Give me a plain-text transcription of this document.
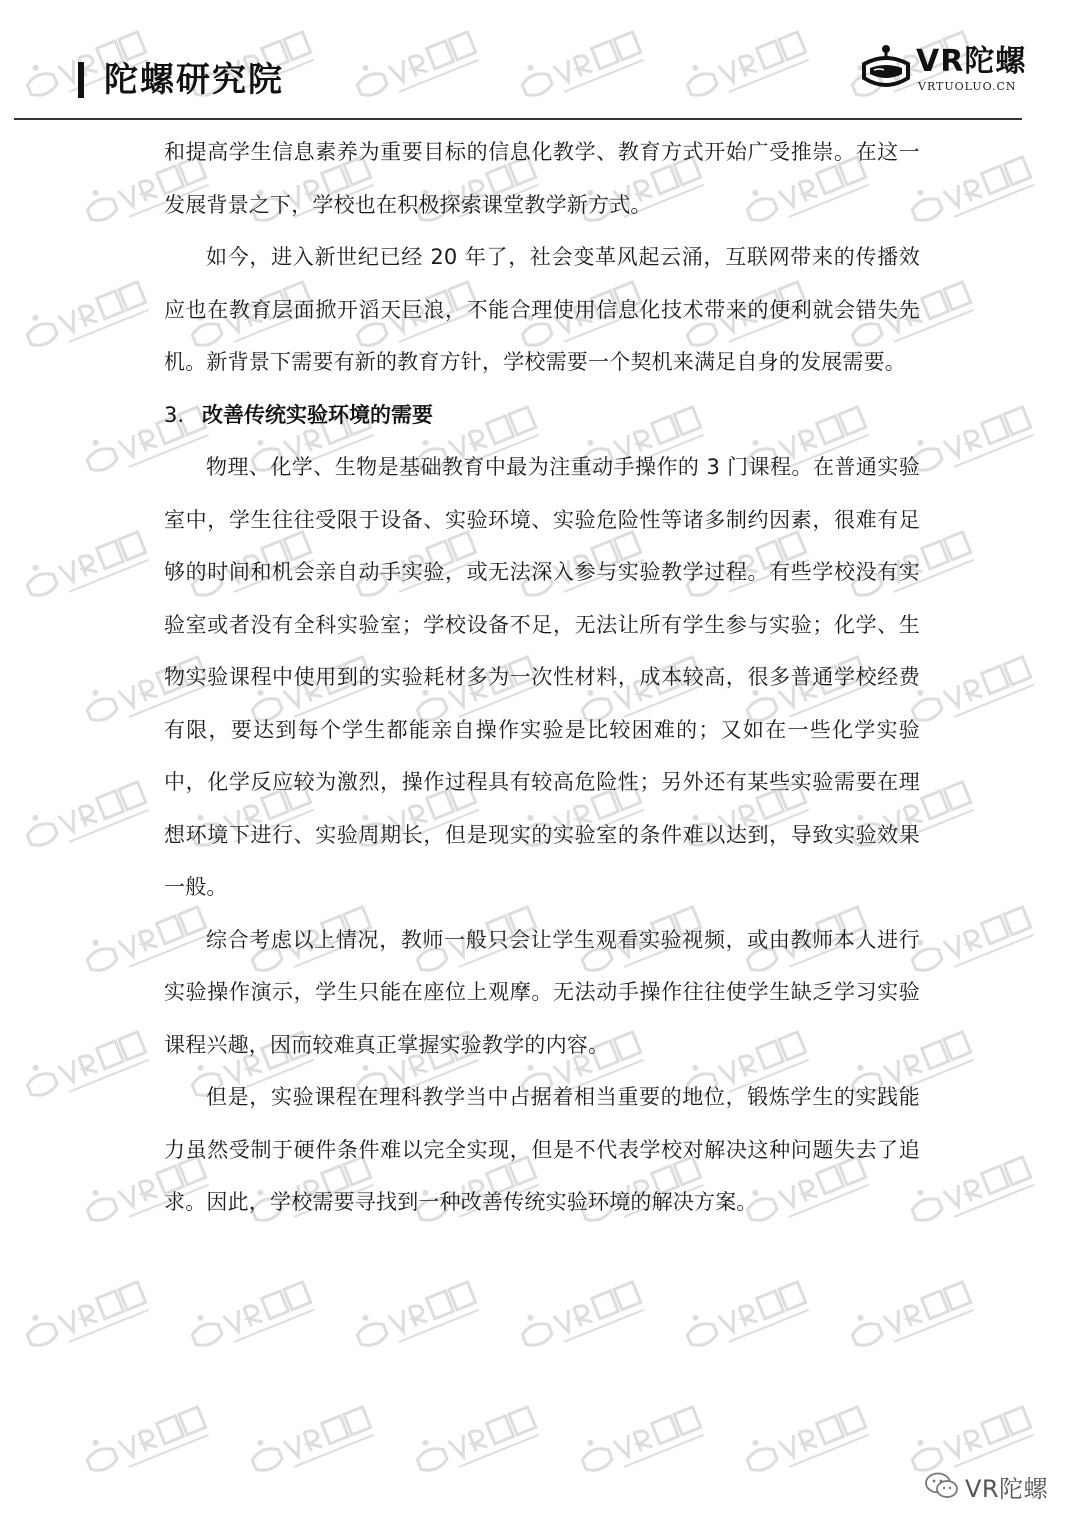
陀螺研究院	VR陀螺
VRTUOLUO.CN

和提高学生信息素养为重要目标的信息化教学、教育方式开始广受推崇。在这一发展背景之下，学校也在积极探索课堂教学新方式。

如今，进入新世纪已经 20 年了，社会变革风起云涌，互联网带来的传播效应也在教育层面掀开滔天巨浪，不能合理使用信息化技术带来的便利就会错失先机。新背景下需要有新的教育方针，学校需要一个契机来满足自身的发展需要。

3. 改善传统实验环境的需要

物理、化学、生物是基础教育中最为注重动手操作的 3 门课程。在普通实验室中，学生往往受限于设备、实验环境、实验危险性等诸多制约因素，很难有足够的时间和机会亲自动手实验，或无法深入参与实验教学过程。有些学校没有实验室或者没有全科实验室；学校设备不足，无法让所有学生参与实验；化学、生物实验课程中使用到的实验耗材多为一次性材料，成本较高，很多普通学校经费有限，要达到每个学生都能亲自操作实验是比较困难的；又如在一些化学实验中，化学反应较为激烈，操作过程具有较高危险性；另外还有某些实验需要在理想环境下进行、实验周期长，但是现实的实验室的条件难以达到，导致实验效果一般。

综合考虑以上情况，教师一般只会让学生观看实验视频，或由教师本人进行实验操作演示，学生只能在座位上观摩。无法动手操作往往使学生缺乏学习实验课程兴趣，因而较难真正掌握实验教学的内容。

但是，实验课程在理科教学当中占据着相当重要的地位，锻炼学生的实践能力虽然受制于硬件条件难以完全实现，但是不代表学校对解决这种问题失去了追求。因此，学校需要寻找到一种改善传统实验环境的解决方案。

VR陀螺
